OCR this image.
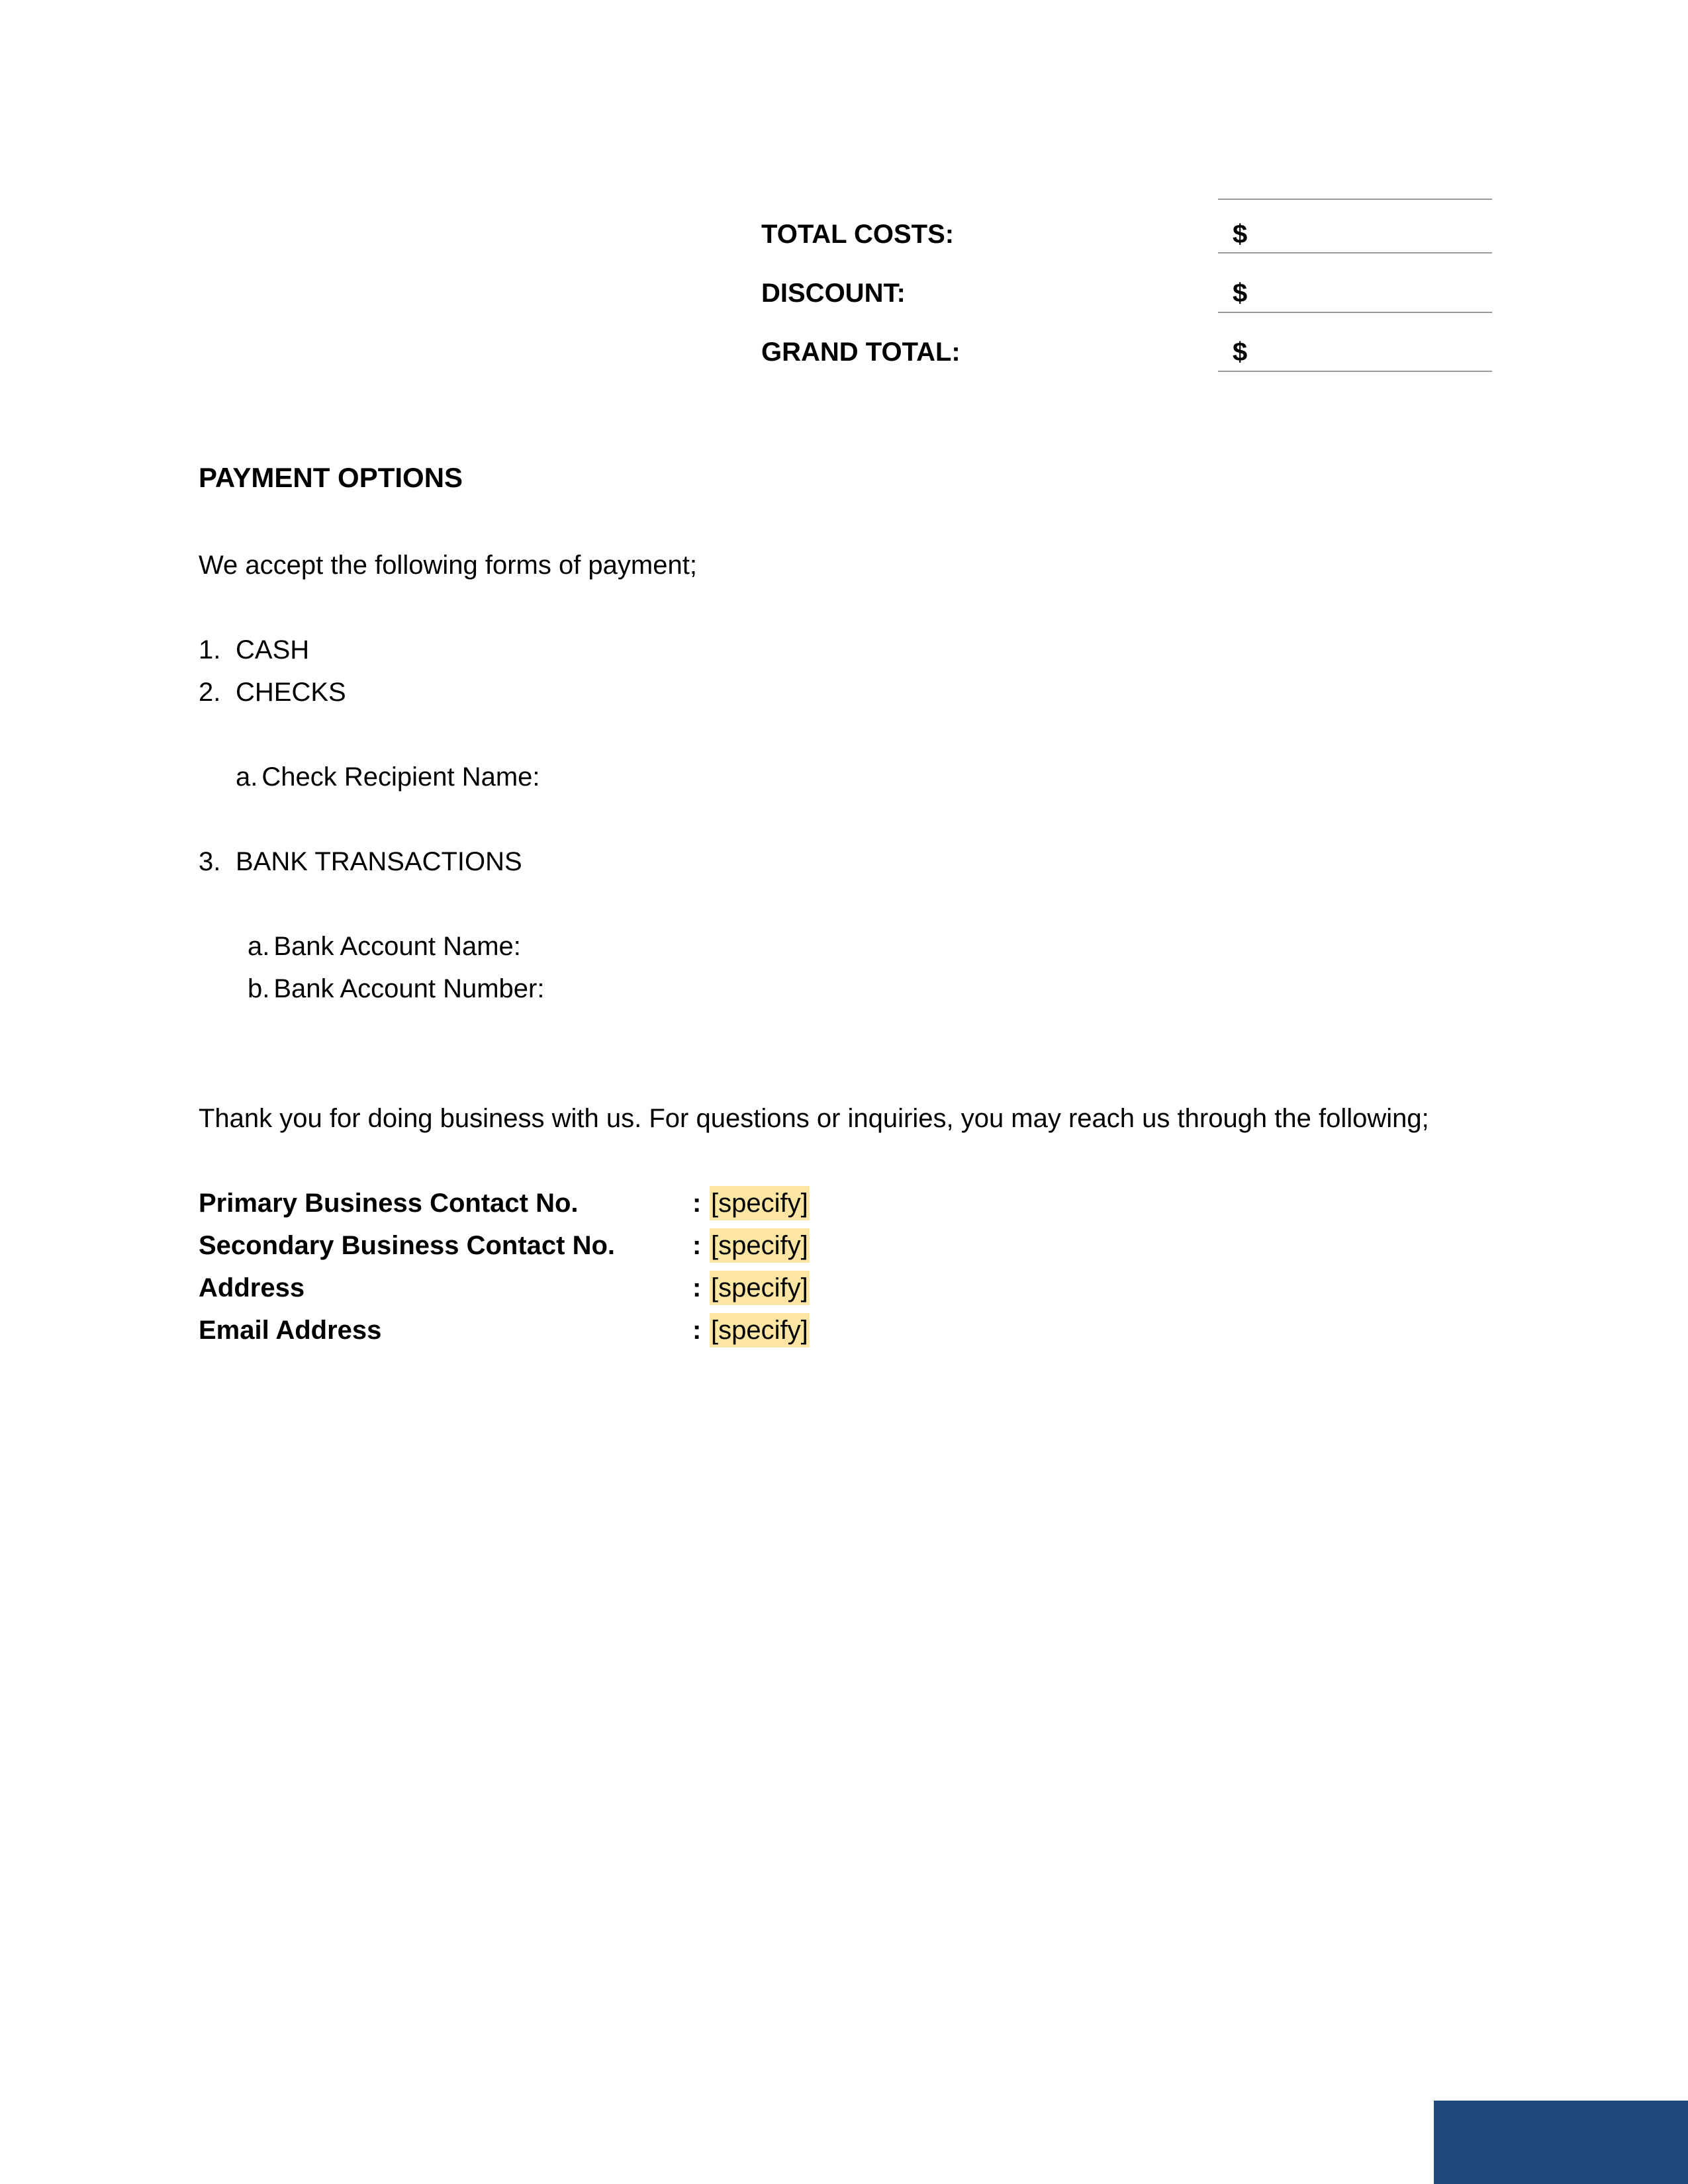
TOTAL COSTS:	$
DISCOUNT:	$
GRAND TOTAL:	$
PAYMENT OPTIONS
We accept the following forms of payment;
1. CASH
2. CHECKS
a. Check Recipient Name:
3. BANK TRANSACTIONS
a. Bank Account Name:
b. Bank Account Number:
Thank you for doing business with us. For questions or inquiries, you may reach us through the following;
Primary Business Contact No.	: [specify]
Secondary Business Contact No.	: [specify]
Address	: [specify]
Email Address	: [specify]
